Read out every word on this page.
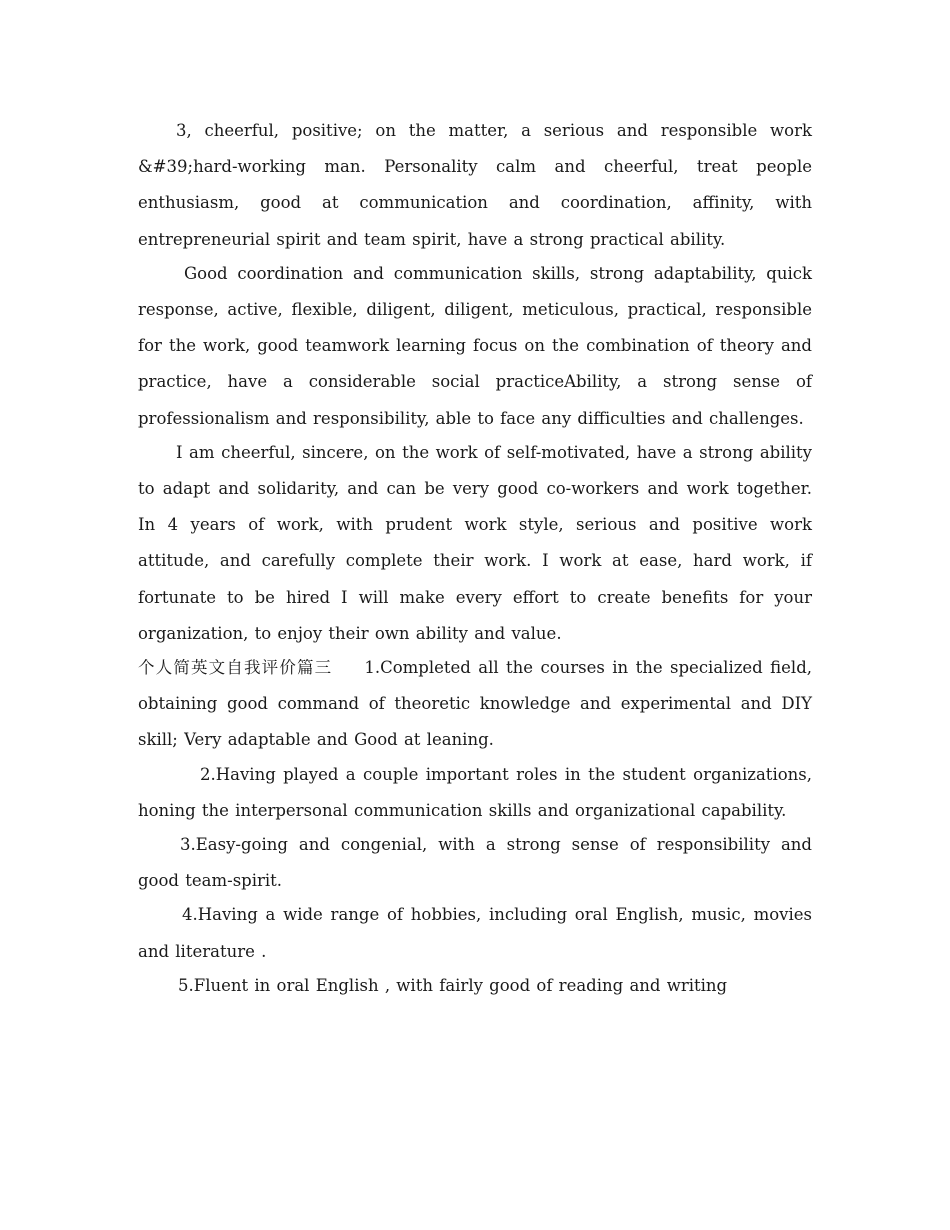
3, cheerful, positive; on the matter, a serious and responsible work &#39;hard-working man. Personality calm and cheerful, treat people enthusiasm, good at communication and coordination, affinity, with entrepreneurial spirit and team spirit, have a strong practical ability.

Good coordination and communication skills, strong adaptability, quick response, active, flexible, diligent, diligent, meticulous, practical, responsible for the work, good teamwork learning focus on the combination of theory and practice, have a considerable social practiceAbility, a strong sense of professionalism and responsibility, able to face any difficulties and challenges.

I am cheerful, sincere, on the work of self-motivated, have a strong ability to adapt and solidarity, and can be very good co-workers and work together. In 4 years of work, with prudent work style, serious and positive work attitude, and carefully complete their work. I work at ease, hard work, if fortunate to be hired I will make every effort to create benefits for your organization, to enjoy their own ability and value.

个人简英文自我评价篇三 1.Completed all the courses in the specialized field, obtaining good command of theoretic knowledge and experimental and DIY skill; Very adaptable and Good at leaning.

2.Having played a couple important roles in the student organizations, honing the interpersonal communication skills and organizational capability.

3.Easy-going and congenial, with a strong sense of responsibility and good team-spirit.

4.Having a wide range of hobbies, including oral English, music, movies and literature .

5.Fluent in oral English , with fairly good of reading and writing
